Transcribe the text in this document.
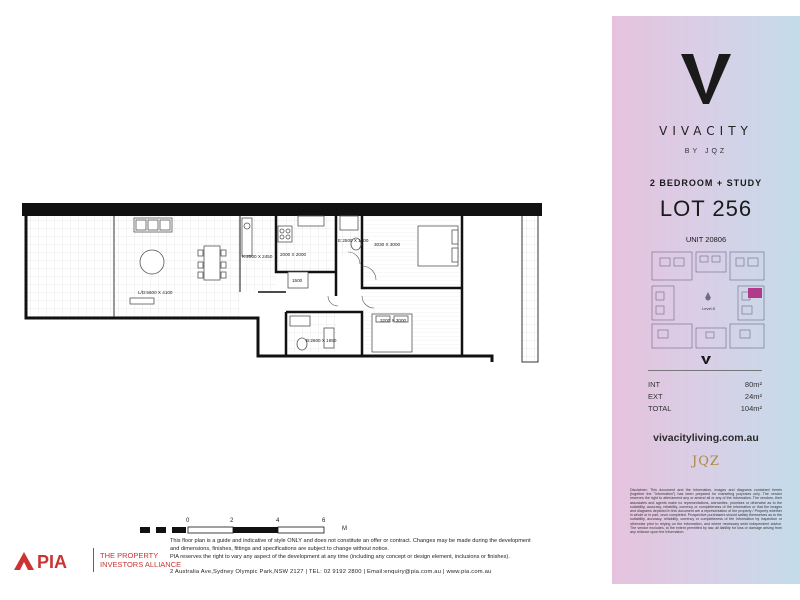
VIVACITY
BY JQZ
2 BEDROOM + STUDY
LOT 256
UNIT 20806
Level 8
INT	80m²
EXT	24m²
TOTAL	104m²
vivacityliving.com.au
JQZ
Disclaimer: This document and the Information, images and diagrams contained herein (together the "Information") has been prepared for marketing purposes only. The vendor reserves the right to alter/amend any or amend all or any of the Information. The vendors, their associates and agents make no representations, warranties, promises or otherwise as to the suitability, accuracy, reliability, currency or completeness of the information or that the images and diagrams depicted in this document are a representation of the property / Property whether in whole or in part, once completed. Prospective purchasers should satisfy themselves as to the suitability, accuracy, reliability, currency or completeness of the Information by inspection or otherwise prior to relying on the Information, and where necessary seek independent advice. The vendor excludes, to the extent permitted by law, all liability for loss or damage arising from any reliance upon the Information.
L/D:5600 X 4100
K:2500 X 2450 2000 X 2000
E:2500 X 1400
3030 X 3000
3200 X 3000
B:2600 X 1650
1500
0	2	4	6
M
PIA	THE PROPERTY
INVESTORS ALLIANCE
This floor plan is a guide and indicative of style ONLY and does not constitute an offer or contract. Changes may be made during the development
and dimensions, finishes, fittings and specifications are subject to change without notice.
PIA reserves the right to vary any aspect of the development at any time (including any concept or design element, inclusions or finishes).
2 Australia Ave,Sydney Olympic Park,NSW 2127 | TEL: 02 9192 2800 | Email:enquiry@pia.com.au | www.pia.com.au
